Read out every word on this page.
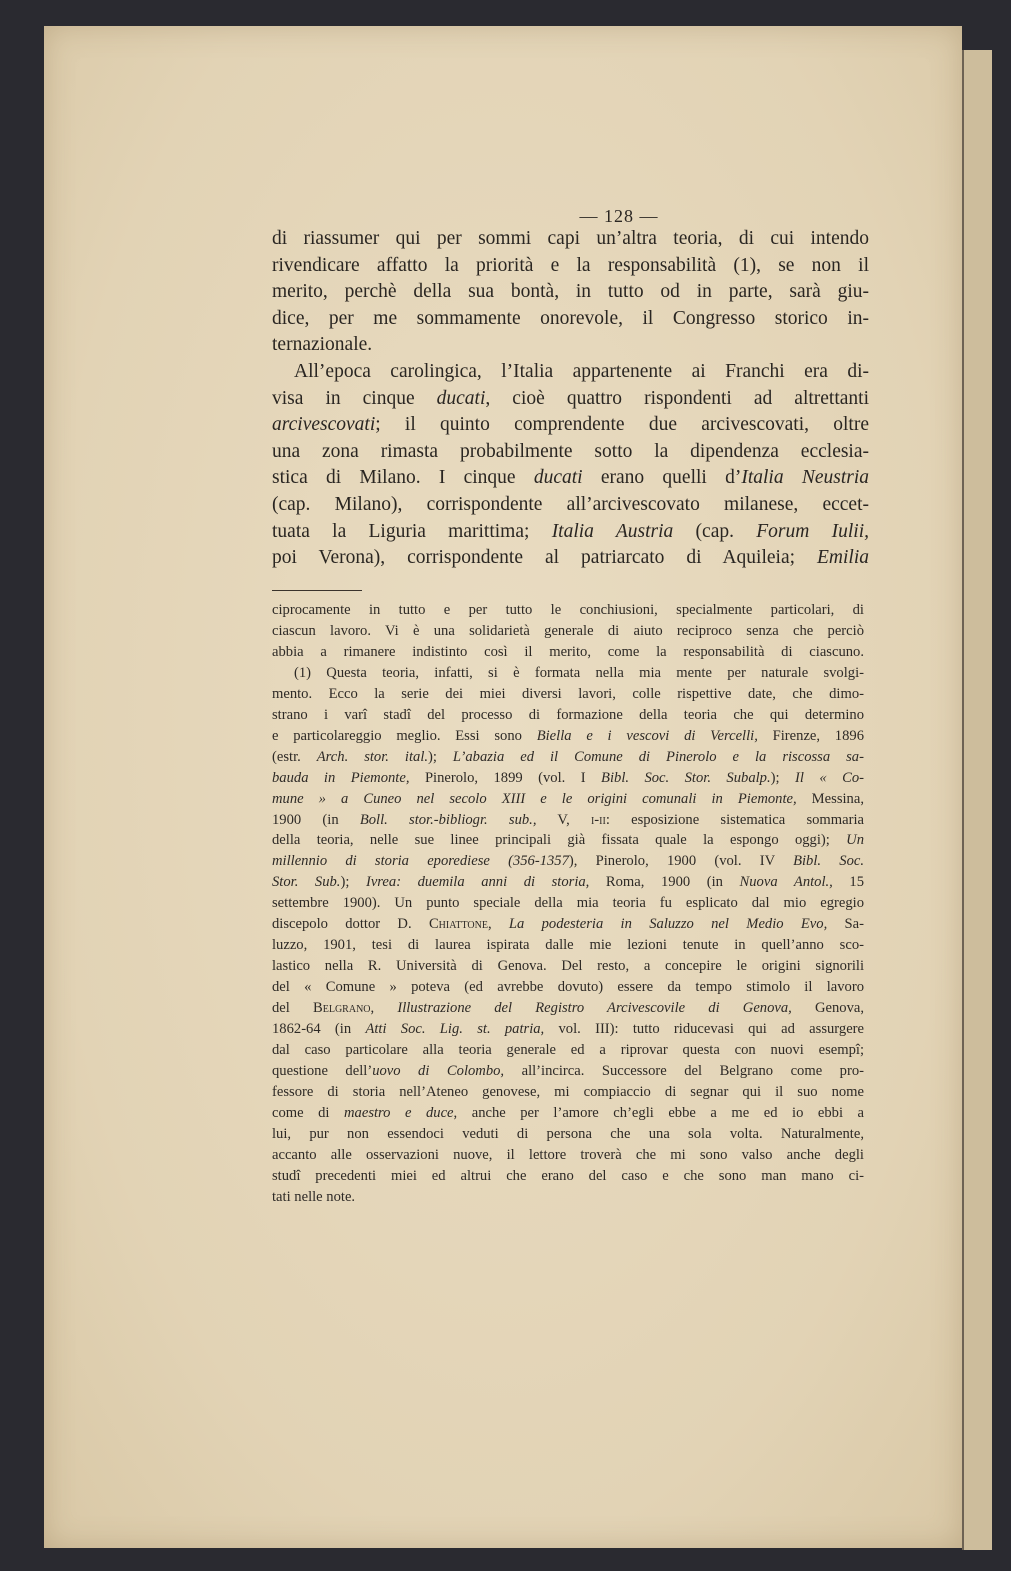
— 128 —
di riassumer qui per sommi capi un’altra teoria, di cui intendo
rivendicare affatto la priorità e la responsabilità (1), se non il
merito, perchè della sua bontà, in tutto od in parte, sarà giu-
dice, per me sommamente onorevole, il Congresso storico in-
ternazionale.
All’epoca carolingica, l’Italia appartenente ai Franchi era di-
visa in cinque ducati, cioè quattro rispondenti ad altrettanti
arcivescovati; il quinto comprendente due arcivescovati, oltre
una zona rimasta probabilmente sotto la dipendenza ecclesia-
stica di Milano. I cinque ducati erano quelli d’Italia Neustria
(cap. Milano), corrispondente all’arcivescovato milanese, eccet-
tuata la Liguria marittima; Italia Austria (cap. Forum Iulii,
poi Verona), corrispondente al patriarcato di Aquileia; Emilia
ciprocamente in tutto e per tutto le conchiusioni, specialmente particolari, di
ciascun lavoro. Vi è una solidarietà generale di aiuto reciproco senza che perciò
abbia a rimanere indistinto così il merito, come la responsabilità di ciascuno.
(1) Questa teoria, infatti, si è formata nella mia mente per naturale svolgi-
mento. Ecco la serie dei miei diversi lavori, colle rispettive date, che dimo-
strano i varî stadî del processo di formazione della teoria che qui determino
e particolareggio meglio. Essi sono Biella e i vescovi di Vercelli, Firenze, 1896
(estr. Arch. stor. ital.); L’abazia ed il Comune di Pinerolo e la riscossa sa-
bauda in Piemonte, Pinerolo, 1899 (vol. I Bibl. Soc. Stor. Subalp.); Il « Co-
mune » a Cuneo nel secolo XIII e le origini comunali in Piemonte, Messina,
1900 (in Boll. stor.-bibliogr. sub., V, i-ii: esposizione sistematica sommaria
della teoria, nelle sue linee principali già fissata quale la espongo oggi); Un
millennio di storia eporediese (356-1357), Pinerolo, 1900 (vol. IV Bibl. Soc.
Stor. Sub.); Ivrea: duemila anni di storia, Roma, 1900 (in Nuova Antol., 15
settembre 1900). Un punto speciale della mia teoria fu esplicato dal mio egregio
discepolo dottor D. Chiattone, La podesteria in Saluzzo nel Medio Evo, Sa-
luzzo, 1901, tesi di laurea ispirata dalle mie lezioni tenute in quell’anno sco-
lastico nella R. Università di Genova. Del resto, a concepire le origini signorili
del « Comune » poteva (ed avrebbe dovuto) essere da tempo stimolo il lavoro
del Belgrano, Illustrazione del Registro Arcivescovile di Genova, Genova,
1862-64 (in Atti Soc. Lig. st. patria, vol. III): tutto riducevasi qui ad assurgere
dal caso particolare alla teoria generale ed a riprovar questa con nuovi esempî;
questione dell’uovo di Colombo, all’incirca. Successore del Belgrano come pro-
fessore di storia nell’Ateneo genovese, mi compiaccio di segnar qui il suo nome
come di maestro e duce, anche per l’amore ch’egli ebbe a me ed io ebbi a
lui, pur non essendoci veduti di persona che una sola volta. Naturalmente,
accanto alle osservazioni nuove, il lettore troverà che mi sono valso anche degli
studî precedenti miei ed altrui che erano del caso e che sono man mano ci-
tati nelle note.
